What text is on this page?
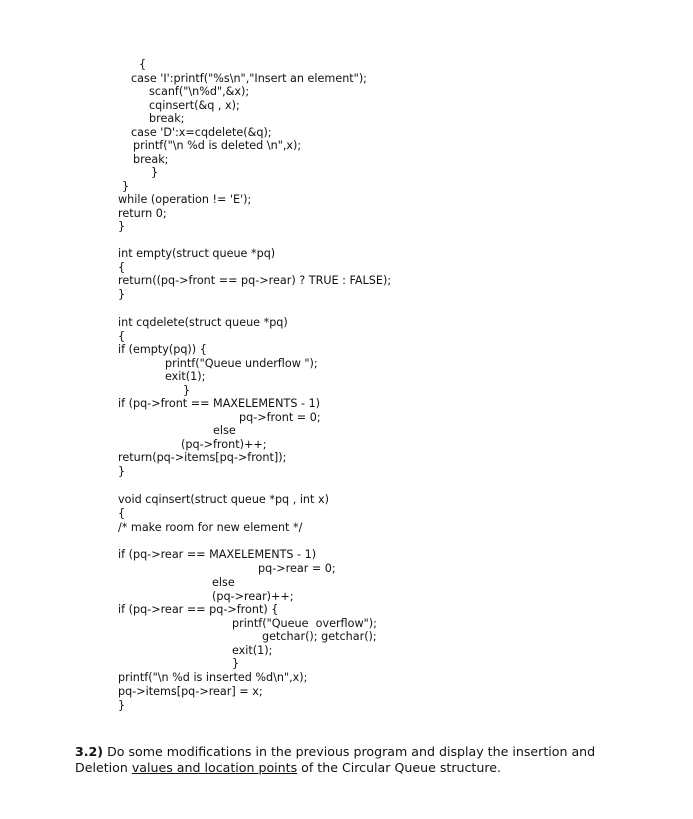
{
case 'I':printf("%s\n","Insert an element");
scanf("\n%d",&x);
cqinsert(&q , x);
break;
case 'D':x=cqdelete(&q);
printf("\n %d is deleted \n",x);
break;
}
}
while (operation != 'E');
return 0;
}
int empty(struct queue *pq)
{
return((pq->front == pq->rear) ? TRUE : FALSE);
}
int cqdelete(struct queue *pq)
{
if (empty(pq)) {
printf("Queue underflow ");
exit(1);
}
if (pq->front == MAXELEMENTS - 1)
pq->front = 0;
else
(pq->front)++;
return(pq->items[pq->front]);
}
void cqinsert(struct queue *pq , int x)
{
/* make room for new element */
if (pq->rear == MAXELEMENTS - 1)
pq->rear = 0;
else
(pq->rear)++;
if (pq->rear == pq->front) {
printf("Queue  overflow");
getchar(); getchar();
exit(1);
}
printf("\n %d is inserted %d\n",x);
pq->items[pq->rear] = x;
}
3.2) Do some modifications in the previous program and display the insertion and Deletion values and location points of the Circular Queue structure.
